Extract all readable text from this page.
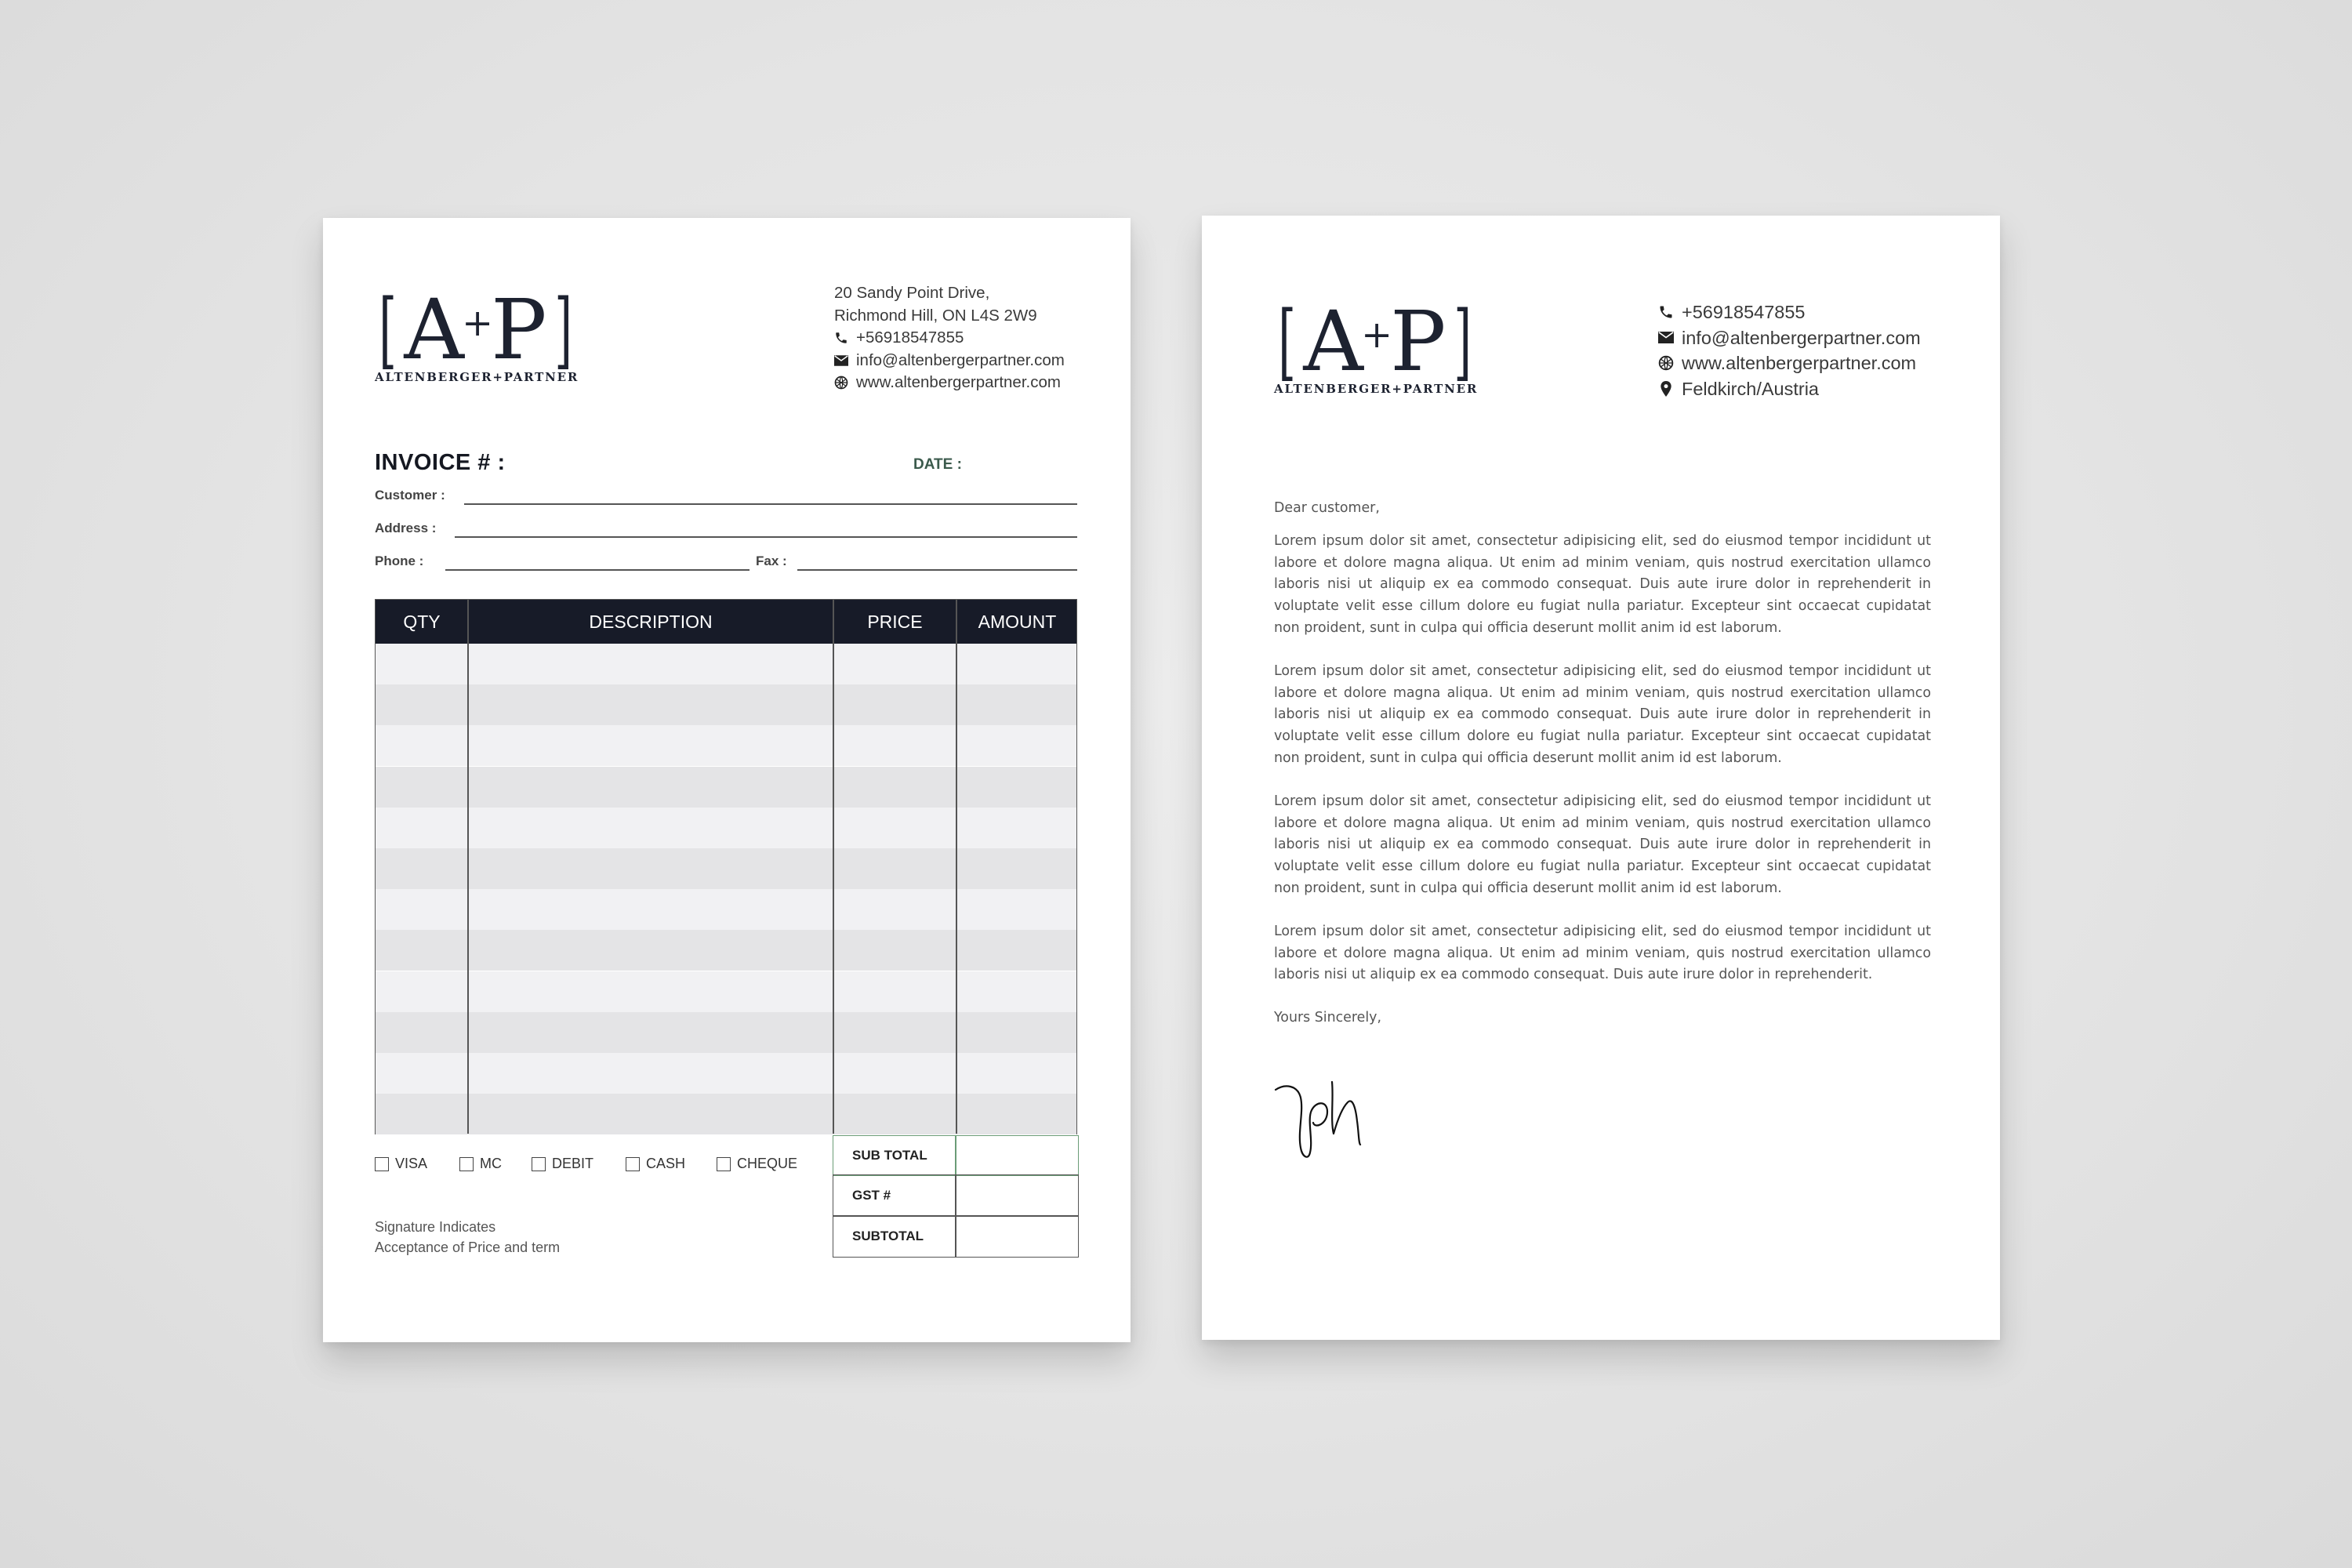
[A+P]
ALTENBERGER+PARTNER
20 Sandy Point Drive,
Richmond Hill, ON L4S 2W9
+56918547855
info@altenbergerpartner.com
www.altenbergerpartner.com
INVOICE # :	DATE :
Customer :
Address :
Phone :	Fax :
QTY	DESCRIPTION	PRICE	AMOUNT
VISA	MC	DEBIT	CASH	CHEQUE
SUB TOTAL
GST #
SUBTOTAL
Signature Indicates
Acceptance of Price and term
[A+P]
ALTENBERGER+PARTNER
+56918547855
info@altenbergerpartner.com
www.altenbergerpartner.com
Feldkirch/Austria

Dear customer,

Lorem ipsum dolor sit amet, consectetur adipisicing elit, sed do eiusmod tempor incididunt ut labore et dolore magna aliqua. Ut enim ad minim veniam, quis nostrud exercitation ullamco laboris nisi ut aliquip ex ea commodo consequat. Duis aute irure dolor in reprehenderit in voluptate velit esse cillum dolore eu fugiat nulla pariatur. Excepteur sint occaecat cupidatat non proident, sunt in culpa qui officia deserunt mollit anim id est laborum.

Lorem ipsum dolor sit amet, consectetur adipisicing elit, sed do eiusmod tempor incididunt ut labore et dolore magna aliqua. Ut enim ad minim veniam, quis nostrud exercitation ullamco laboris nisi ut aliquip ex ea commodo consequat. Duis aute irure dolor in reprehenderit in voluptate velit esse cillum dolore eu fugiat nulla pariatur. Excepteur sint occaecat cupidatat non proident, sunt in culpa qui officia deserunt mollit anim id est laborum.

Lorem ipsum dolor sit amet, consectetur adipisicing elit, sed do eiusmod tempor incididunt ut labore et dolore magna aliqua. Ut enim ad minim veniam, quis nostrud exercitation ullamco laboris nisi ut aliquip ex ea commodo consequat. Duis aute irure dolor in reprehenderit in voluptate velit esse cillum dolore eu fugiat nulla pariatur. Excepteur sint occaecat cupidatat non proident, sunt in culpa qui officia deserunt mollit anim id est laborum.

Lorem ipsum dolor sit amet, consectetur adipisicing elit, sed do eiusmod tempor incididunt ut labore et dolore magna aliqua. Ut enim ad minim veniam, quis nostrud exercitation ullamco laboris nisi ut aliquip ex ea commodo consequat. Duis aute irure dolor in reprehenderit.

Yours Sincerely,
